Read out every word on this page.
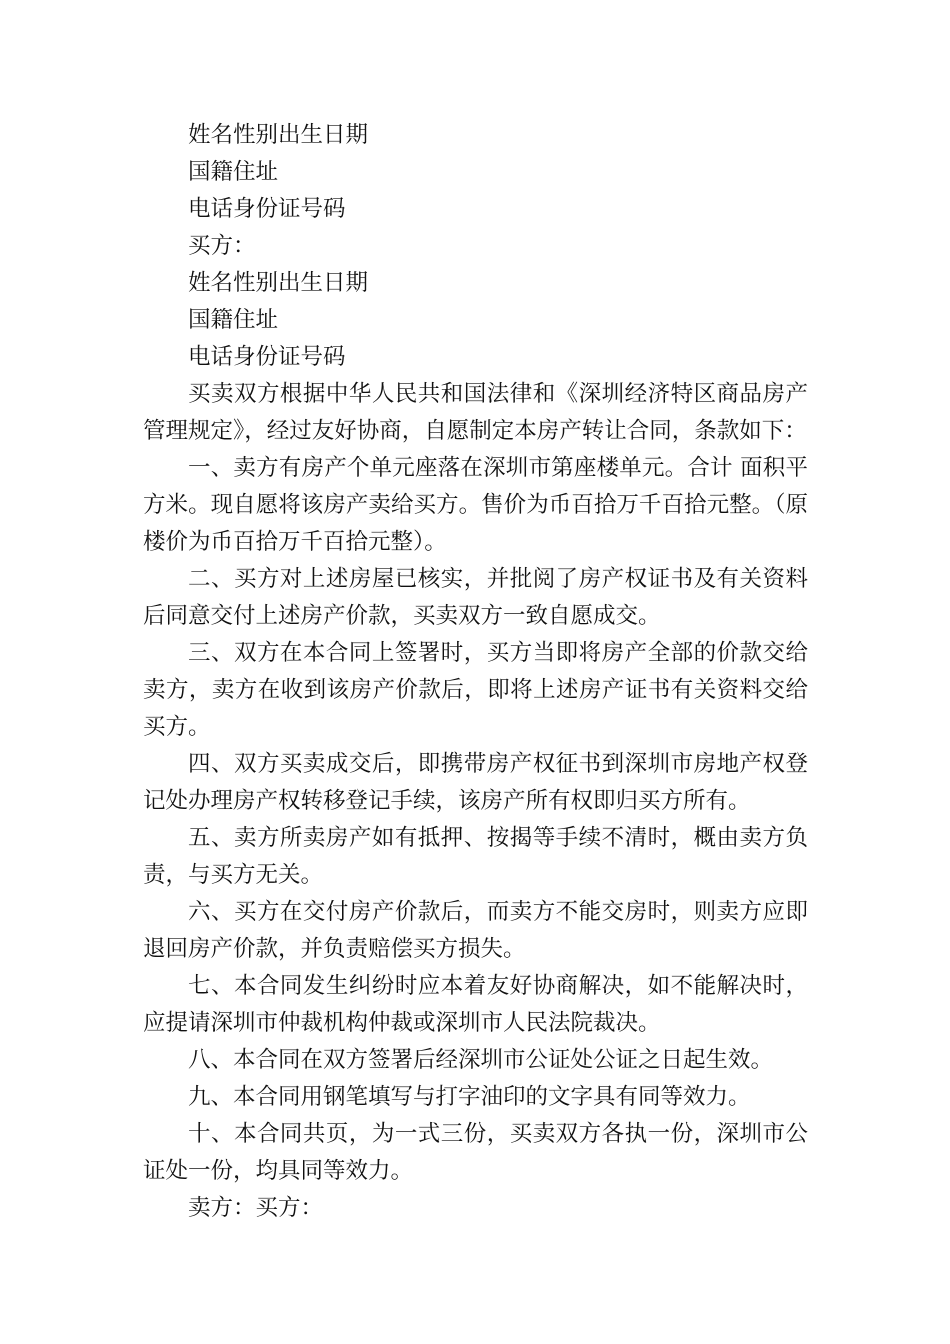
姓名性别出生日期
国籍住址
电话身份证号码
买方：
姓名性别出生日期
国籍住址
电话身份证号码

买卖双方根据中华人民共和国法律和《深圳经济特区商品房产管理规定》，经过友好协商，自愿制定本房产转让合同，条款如下：

一、卖方有房产个单元座落在深圳市第座楼单元。合计 面积平方米。现自愿将该房产卖给买方。售价为币百拾万千百拾元整。（原楼价为币百拾万千百拾元整）。

二、买方对上述房屋已核实，并批阅了房产权证书及有关资料后同意交付上述房产价款，买卖双方一致自愿成交。

三、双方在本合同上签署时，买方当即将房产全部的价款交给卖方，卖方在收到该房产价款后，即将上述房产证书有关资料交给买方。

四、双方买卖成交后，即携带房产权征书到深圳市房地产权登记处办理房产权转移登记手续，该房产所有权即归买方所有。

五、卖方所卖房产如有抵押、按揭等手续不清时，概由卖方负责，与买方无关。

六、买方在交付房产价款后，而卖方不能交房时，则卖方应即退回房产价款，并负责赔偿买方损失。

七、本合同发生纠纷时应本着友好协商解决，如不能解决时，应提请深圳市仲裁机构仲裁或深圳市人民法院裁决。

八、本合同在双方签署后经深圳市公证处公证之日起生效。

九、本合同用钢笔填写与打字油印的文字具有同等效力。

十、本合同共页，为一式三份，买卖双方各执一份，深圳市公证处一份，均具同等效力。

卖方：买方：
